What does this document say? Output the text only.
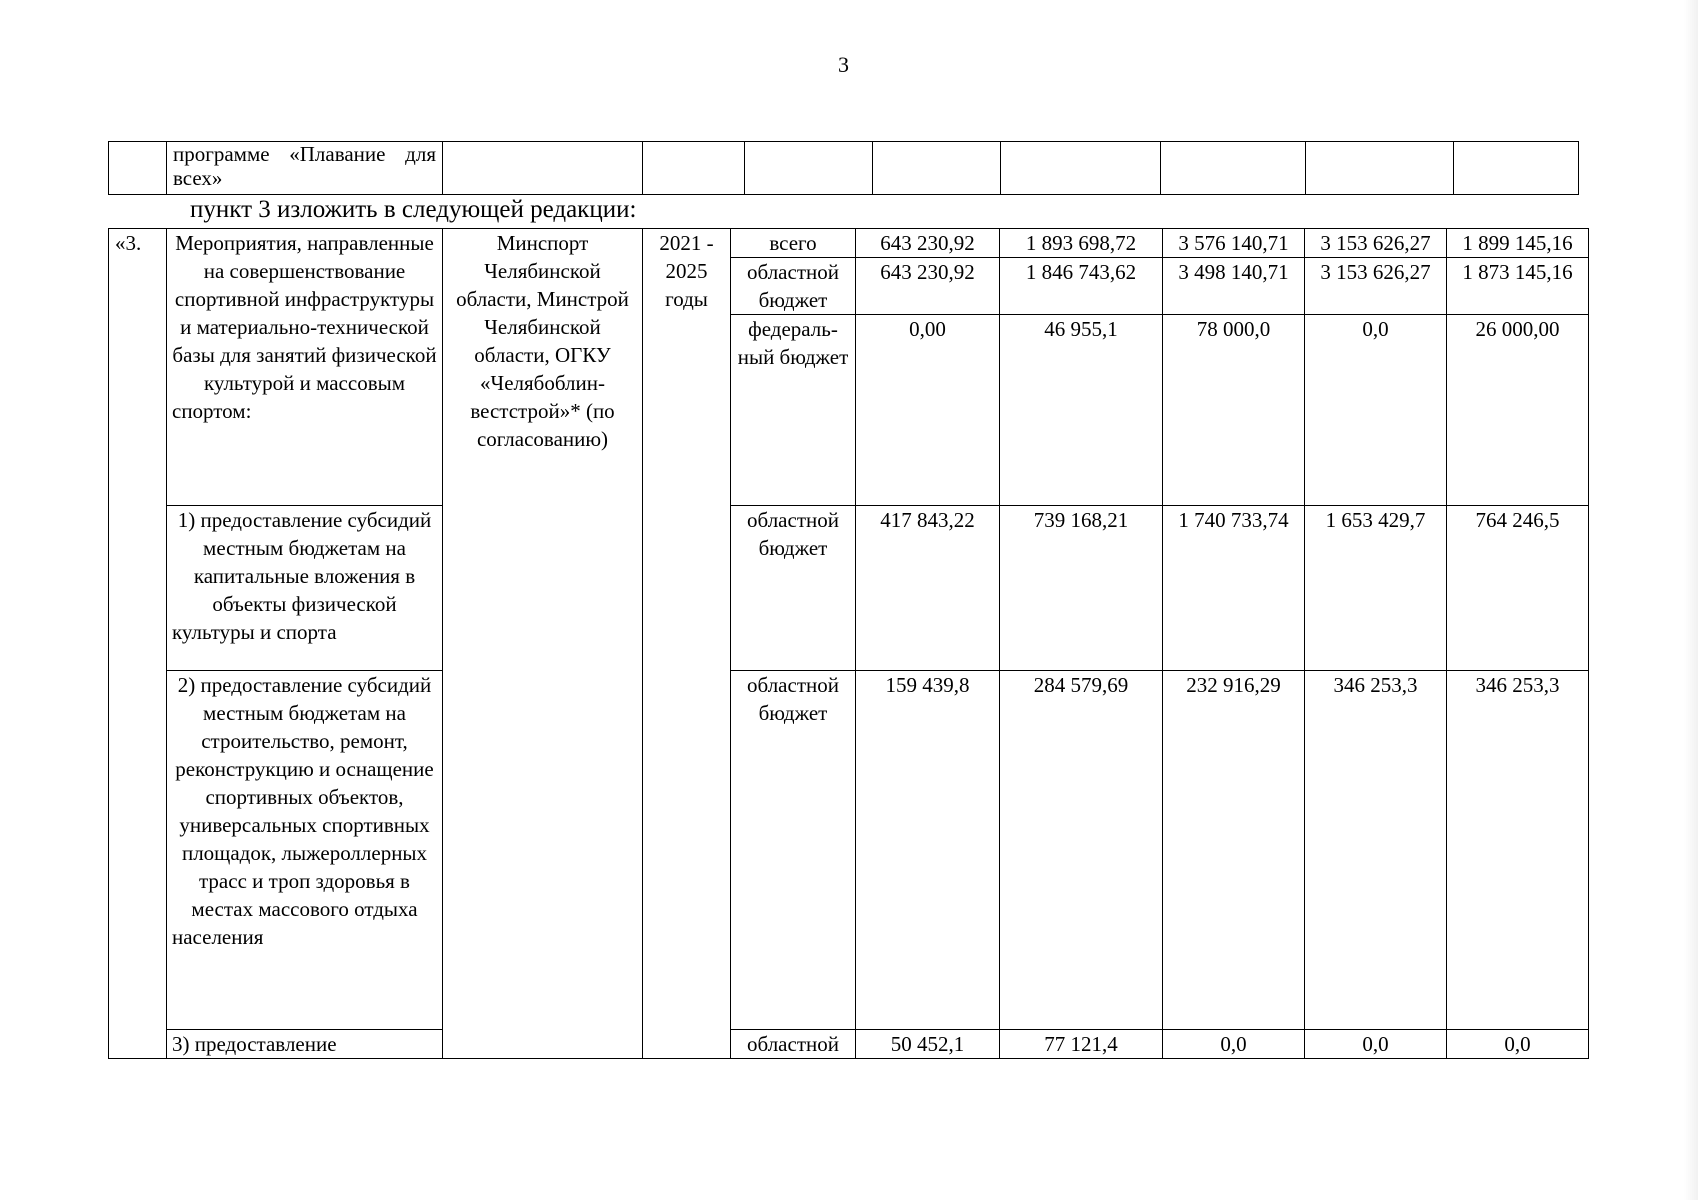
3
	программе «Плавание для всех»								
пункт 3 изложить в следующей редакции:
«3.	Мероприятия, направленные на совершенствование спортивной инфраструктуры и материально-технической базы для занятий физической культурой и массовым спортом:	Минспорт Челябинской области, Минстрой Челябинской области, ОГКУ «Челябоблин-вестстрой»* (по согласованию)	2021 - 2025 годы	всего	643 230,92	1 893 698,72	3 576 140,71	3 153 626,27	1 899 145,16
				областной бюджет	643 230,92	1 846 743,62	3 498 140,71	3 153 626,27	1 873 145,16
				федераль-ный бюджет	0,00	46 955,1	78 000,0	0,0	26 000,00
	1) предоставление субсидий местным бюджетам на капитальные вложения в объекты физической культуры и спорта			областной бюджет	417 843,22	739 168,21	1 740 733,74	1 653 429,7	764 246,5
	2) предоставление субсидий местным бюджетам на строительство, ремонт, реконструкцию и оснащение спортивных объектов, универсальных спортивных площадок, лыжероллерных трасс и троп здоровья в местах массового отдыха населения			областной бюджет	159 439,8	284 579,69	232 916,29	346 253,3	346 253,3
	3) предоставление			областной	50 452,1	77 121,4	0,0	0,0	0,0
